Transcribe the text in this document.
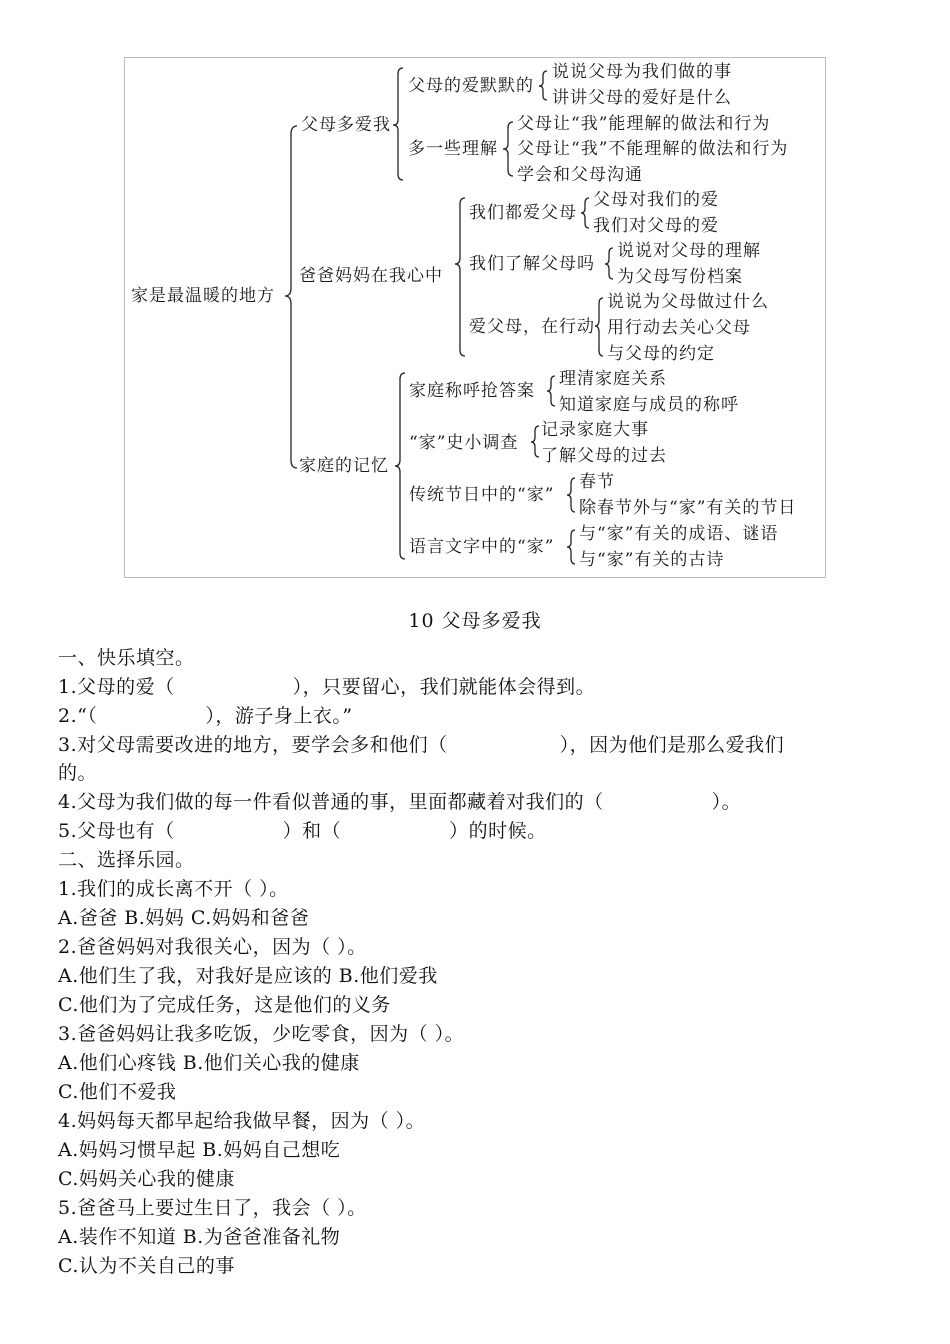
家是最温暖的地方
父母多爱我
父母的爱默默的
说说父母为我们做的事
讲讲父母的爱好是什么
多一些理解
父母让“我”能理解的做法和行为
父母让“我”不能理解的做法和行为
学会和父母沟通
爸爸妈妈在我心中
我们都爱父母
父母对我们的爱
我们对父母的爱
我们了解父母吗
说说对父母的理解
为父母写份档案
爱父母，在行动
说说为父母做过什么
用行动去关心父母
与父母的约定
家庭的记忆
家庭称呼抢答案
理清家庭关系
知道家庭与成员的称呼
“家”史小调查
记录家庭大事
了解父母的过去
传统节日中的“家”
春节
除春节外与“家”有关的节日
语言文字中的“家”
与“家”有关的成语、谜语
与“家”有关的古诗
10 父母多爱我
一、快乐填空。
1.父母的爱（	），只要留心，我们就能体会得到。
2.“（	），游子身上衣。”
3.对父母需要改进的地方，要学会多和他们（	），因为他们是那么爱我们
的。
4.父母为我们做的每一件看似普通的事，里面都藏着对我们的（	）。
5.父母也有（	）和（	）的时候。
二、选择乐园。
1.我们的成长离不开（ ）。
A.爸爸 B.妈妈 C.妈妈和爸爸
2.爸爸妈妈对我很关心，因为（ ）。
A.他们生了我，对我好是应该的 B.他们爱我
C.他们为了完成任务，这是他们的义务
3.爸爸妈妈让我多吃饭，少吃零食，因为（ ）。
A.他们心疼钱 B.他们关心我的健康
C.他们不爱我
4.妈妈每天都早起给我做早餐，因为（ ）。
A.妈妈习惯早起 B.妈妈自己想吃
C.妈妈关心我的健康
5.爸爸马上要过生日了，我会（ ）。
A.装作不知道 B.为爸爸准备礼物
C.认为不关自己的事
